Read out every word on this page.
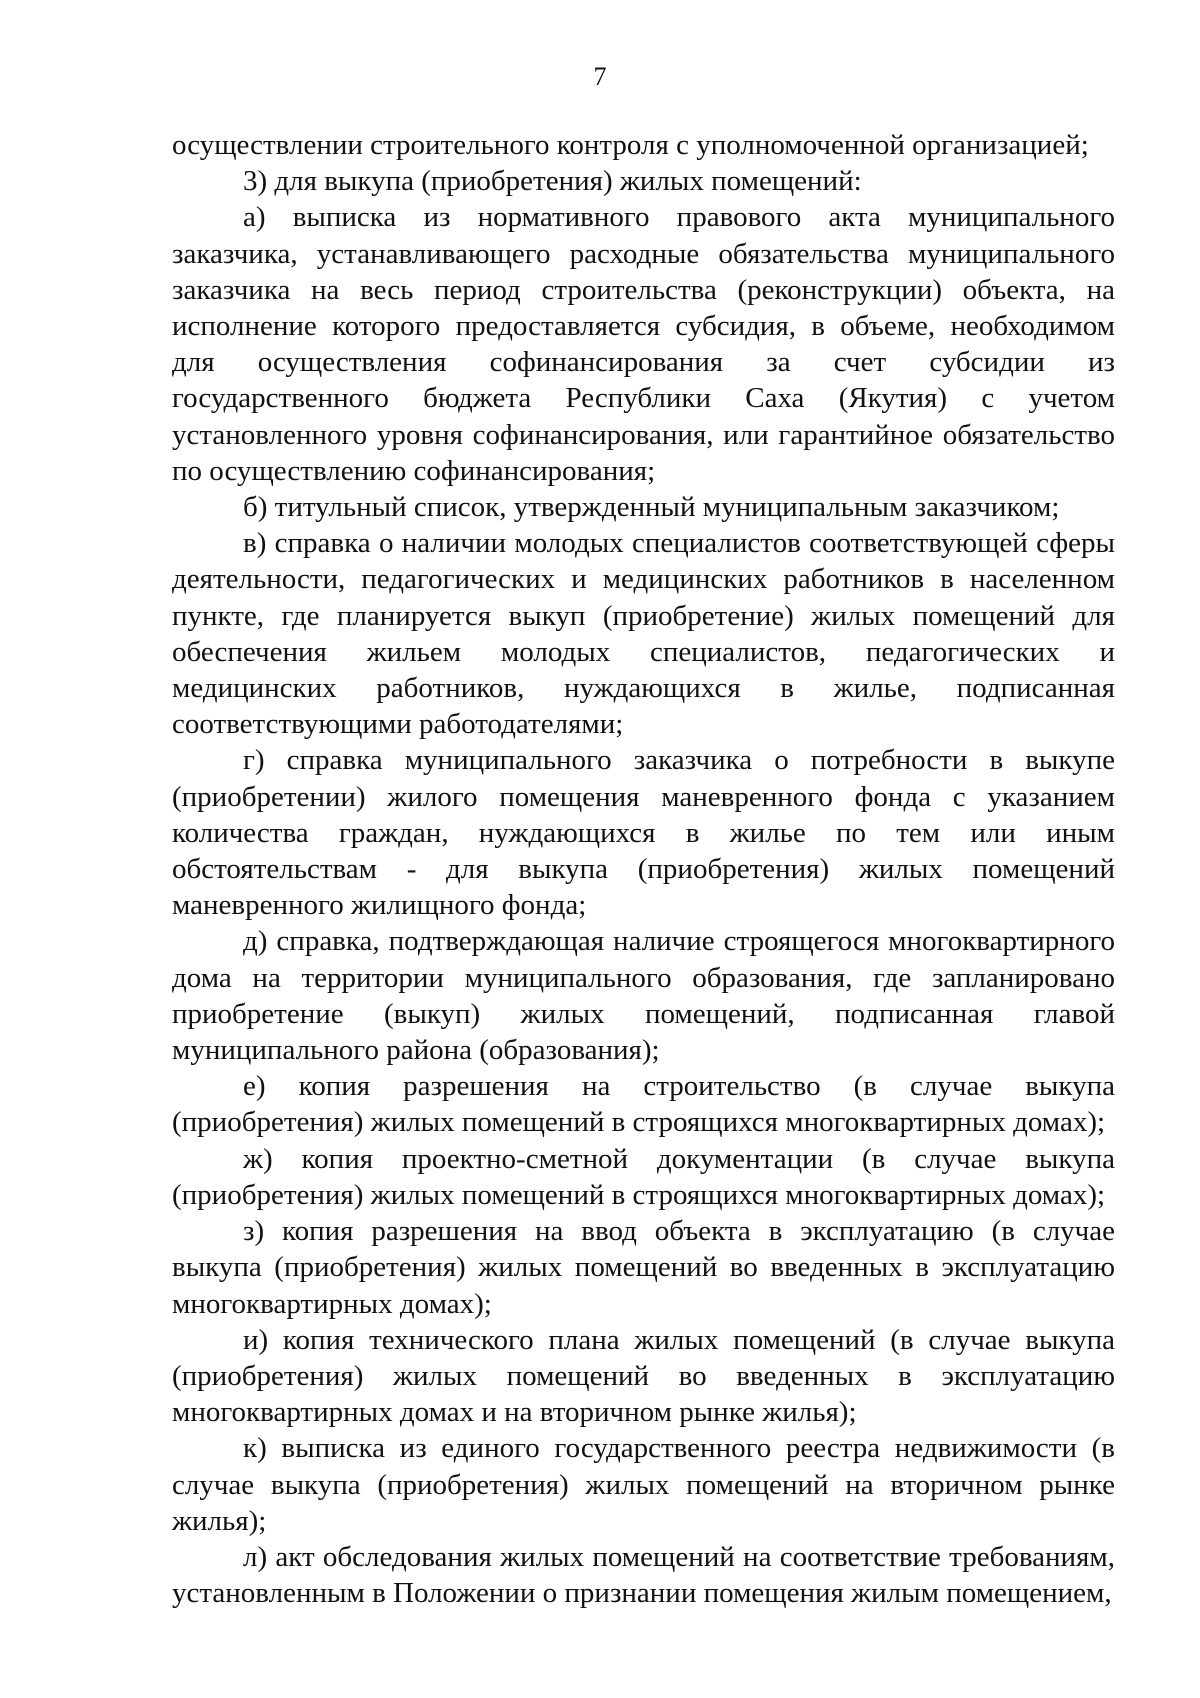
7

осуществлении строительного контроля с уполномоченной организацией;

3) для выкупа (приобретения) жилых помещений:

а) выписка из нормативного правового акта муниципального заказчика, устанавливающего расходные обязательства муниципального заказчика на весь период строительства (реконструкции) объекта, на исполнение которого предоставляется субсидия, в объеме, необходимом для осуществления софинансирования за счет субсидии из государственного бюджета Республики Саха (Якутия) с учетом установленного уровня софинансирования, или гарантийное обязательство по осуществлению софинансирования;

б) титульный список, утвержденный муниципальным заказчиком;

в) справка о наличии молодых специалистов соответствующей сферы деятельности, педагогических и медицинских работников в населенном пункте, где планируется выкуп (приобретение) жилых помещений для обеспечения жильем молодых специалистов, педагогических и медицинских работников, нуждающихся в жилье, подписанная соответствующими работодателями;

г) справка муниципального заказчика о потребности в выкупе (приобретении) жилого помещения маневренного фонда с указанием количества граждан, нуждающихся в жилье по тем или иным обстоятельствам - для выкупа (приобретения) жилых помещений маневренного жилищного фонда;

д) справка, подтверждающая наличие строящегося многоквартирного дома на территории муниципального образования, где запланировано приобретение (выкуп) жилых помещений, подписанная главой муниципального района (образования);

е) копия разрешения на строительство (в случае выкупа (приобретения) жилых помещений в строящихся многоквартирных домах);

ж) копия проектно-сметной документации (в случае выкупа (приобретения) жилых помещений в строящихся многоквартирных домах);

з) копия разрешения на ввод объекта в эксплуатацию (в случае выкупа (приобретения) жилых помещений во введенных в эксплуатацию многоквартирных домах);

и) копия технического плана жилых помещений (в случае выкупа (приобретения) жилых помещений во введенных в эксплуатацию многоквартирных домах и на вторичном рынке жилья);

к) выписка из единого государственного реестра недвижимости (в случае выкупа (приобретения) жилых помещений на вторичном рынке жилья);

л) акт обследования жилых помещений на соответствие требованиям, установленным в Положении о признании помещения жилым помещением,
